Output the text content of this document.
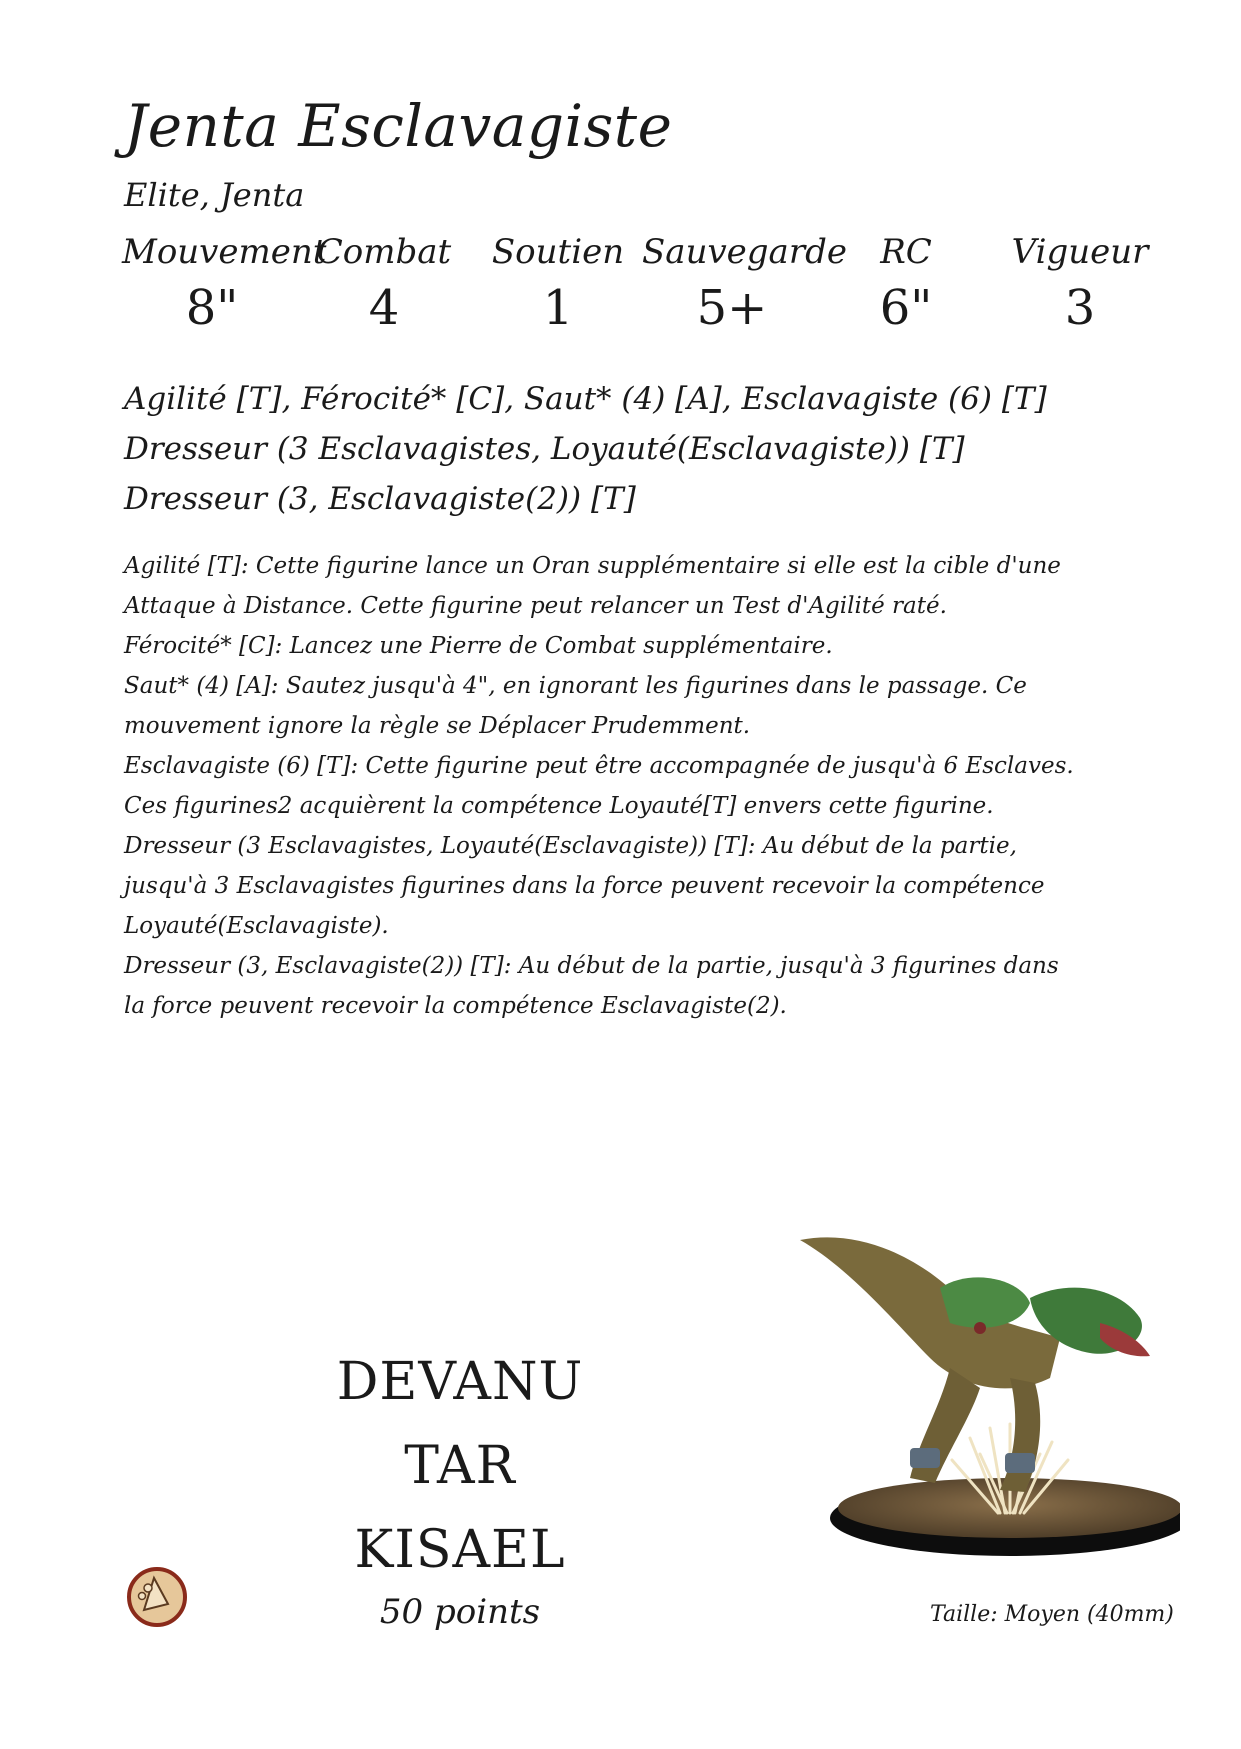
Jenta Esclavagiste
Elite, Jenta
Mouvement
8"
Combat
4
Soutien
1
Sauvegarde
5+
RC
6"
Vigueur
3
Agilité [T], Férocité* [C], Saut* (4) [A], Esclavagiste (6) [T]
Dresseur (3 Esclavagistes, Loyauté(Esclavagiste)) [T]
Dresseur (3, Esclavagiste(2)) [T]
Agilité [T]: Cette figurine lance un Oran supplémentaire si elle est la cible d'une
Attaque à Distance. Cette figurine peut relancer un Test d'Agilité raté.
Férocité* [C]: Lancez une Pierre de Combat supplémentaire.
Saut* (4) [A]: Sautez jusqu'à 4", en ignorant les figurines dans le passage. Ce
mouvement ignore la règle se Déplacer Prudemment.
Esclavagiste (6) [T]: Cette figurine peut être accompagnée de jusqu'à 6 Esclaves.
Ces figurines2 acquièrent la compétence Loyauté[T] envers cette figurine.
Dresseur (3 Esclavagistes, Loyauté(Esclavagiste)) [T]: Au début de la partie,
jusqu'à 3 Esclavagistes figurines dans la force peuvent recevoir la compétence
Loyauté(Esclavagiste).
Dresseur (3, Esclavagiste(2)) [T]: Au début de la partie, jusqu'à 3 figurines dans
la force peuvent recevoir la compétence Esclavagiste(2).
DEVANU
TAR
KISAEL
50 points	Taille: Moyen (40mm)
